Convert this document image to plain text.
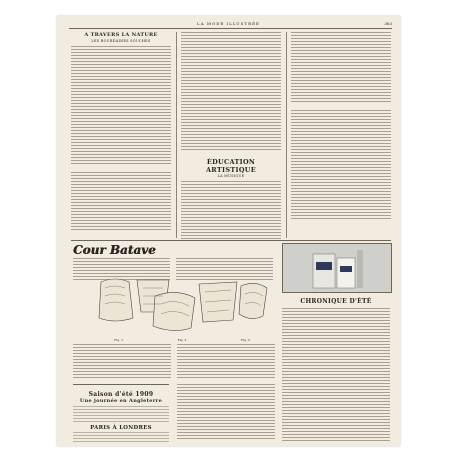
LA MODE ILLUSTRÉE	363
A TRAVERS LA NATURE
LES BOURDAINES SOUCHES
ÉDUCATION ARTISTIQUE
LA MUSIQUE

Cour Batave
Fig. 1	Fig. 2	Fig. 3
CHRONIQUE D'ÉTÉ

Saison d'été 1909
Une journée en Angleterre
PARIS À LONDRES
